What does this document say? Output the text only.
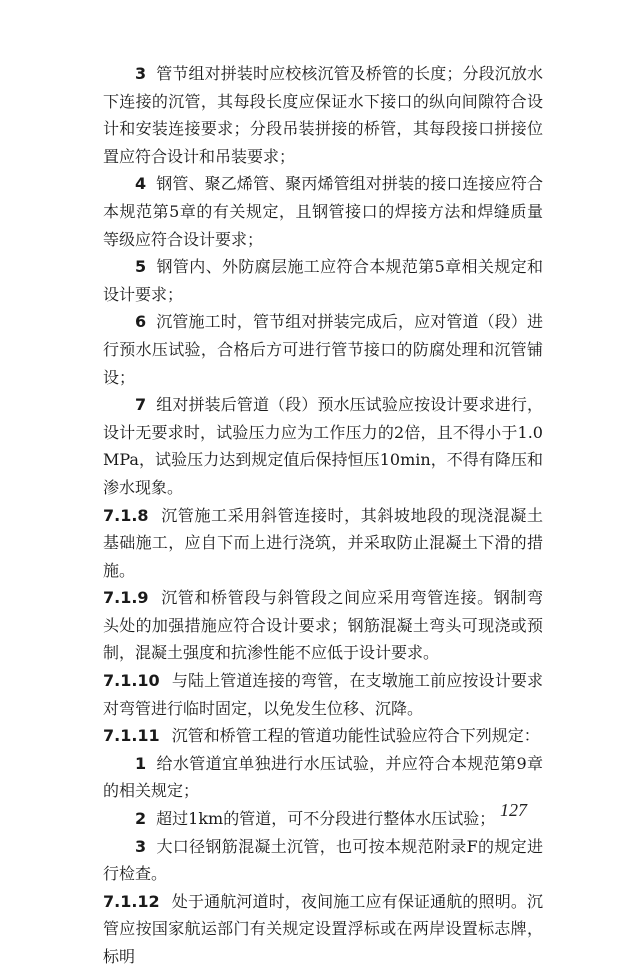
3 管节组对拼装时应校核沉管及桥管的长度；分段沉放水下连接的沉管，其每段长度应保证水下接口的纵向间隙符合设计和安装连接要求；分段吊装拼接的桥管，其每段接口拼接位置应符合设计和吊装要求；

4 钢管、聚乙烯管、聚丙烯管组对拼装的接口连接应符合本规范第5章的有关规定，且钢管接口的焊接方法和焊缝质量等级应符合设计要求；

5 钢管内、外防腐层施工应符合本规范第5章相关规定和设计要求；

6 沉管施工时，管节组对拼装完成后，应对管道（段）进行预水压试验，合格后方可进行管节接口的防腐处理和沉管铺设；

7 组对拼装后管道（段）预水压试验应按设计要求进行，设计无要求时，试验压力应为工作压力的2倍，且不得小于1.0MPa，试验压力达到规定值后保持恒压10min，不得有降压和渗水现象。

7.1.8 沉管施工采用斜管连接时，其斜坡地段的现浇混凝土基础施工，应自下而上进行浇筑，并采取防止混凝土下滑的措施。

7.1.9 沉管和桥管段与斜管段之间应采用弯管连接。钢制弯头处的加强措施应符合设计要求；钢筋混凝土弯头可现浇或预制，混凝土强度和抗渗性能不应低于设计要求。

7.1.10 与陆上管道连接的弯管，在支墩施工前应按设计要求对弯管进行临时固定，以免发生位移、沉降。

7.1.11 沉管和桥管工程的管道功能性试验应符合下列规定：

1 给水管道宜单独进行水压试验，并应符合本规范第9章的相关规定；

2 超过1km的管道，可不分段进行整体水压试验；

3 大口径钢筋混凝土沉管，也可按本规范附录F的规定进行检查。

7.1.12 处于通航河道时，夜间施工应有保证通航的照明。沉管应按国家航运部门有关规定设置浮标或在两岸设置标志牌，标明

127
